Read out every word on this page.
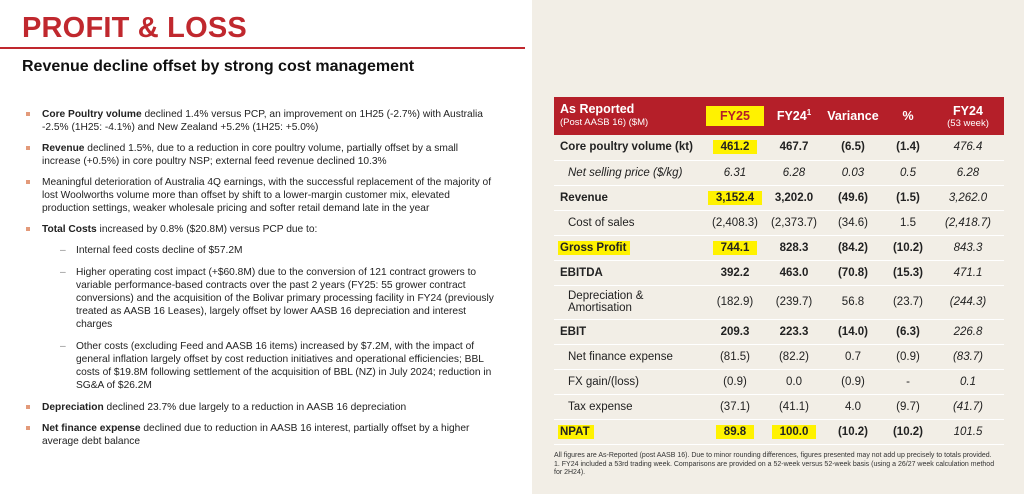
PROFIT & LOSS
Revenue decline offset by strong cost management
Core Poultry volume declined 1.4% versus PCP, an improvement on 1H25 (-2.7%) with Australia -2.5% (1H25: -4.1%) and New Zealand +5.2% (1H25: +5.0%)
Revenue declined 1.5%, due to a reduction in core poultry volume, partially offset by a small increase (+0.5%) in core poultry NSP; external feed revenue declined 10.3%
Meaningful deterioration of Australia 4Q earnings, with the successful replacement of the majority of lost Woolworths volume more than offset by shift to a lower-margin customer mix, elevated production settings, weaker wholesale pricing and softer retail demand late in the year
Total Costs increased by 0.8% ($20.8M) versus PCP due to:
– Internal feed costs decline of $57.2M
– Higher operating cost impact (+$60.8M) due to the conversion of 121 contract growers to variable performance-based contracts over the past 2 years (FY25: 55 grower contract conversions) and the acquisition of the Bolivar primary processing facility in FY24 (previously treated as AASB 16 Leases), largely offset by lower AASB 16 depreciation and interest charges
– Other costs (excluding Feed and AASB 16 items) increased by $7.2M, with the impact of general inflation largely offset by cost reduction initiatives and operational efficiencies; BBL costs of $19.8M following settlement of the acquisition of BBL (NZ) in July 2024; reduction in SG&A of $26.2M
Depreciation declined 23.7% due largely to a reduction in AASB 16 depreciation
Net finance expense declined due to reduction in AASB 16 interest, partially offset by a higher average debt balance
As Reported
(Post AASB 16) ($M)	FY25	$FY24^1$	Variance	%	FY24
(53 week)

Core poultry volume (kt)	461.2	467.7	(6.5)	(1.4)	476.4
Net selling price ($/kg)	6.31	6.28	0.03	0.5	6.28
Revenue	3,152.4	3,202.0	(49.6)	(1.5)	3,262.0
Cost of sales	(2,408.3)	(2,373.7)	(34.6)	1.5	(2,418.7)
Gross Profit	744.1	828.3	(84.2)	(10.2)	843.3
EBITDA	392.2	463.0	(70.8)	(15.3)	471.1
Depreciation & Amortisation	(182.9)	(239.7)	56.8	(23.7)	(244.3)
EBIT	209.3	223.3	(14.0)	(6.3)	226.8
Net finance expense	(81.5)	(82.2)	0.7	(0.9)	(83.7)
FX gain/(loss)	(0.9)	0.0	(0.9)	-	0.1
Tax expense	(37.1)	(41.1)	4.0	(9.7)	(41.7)
NPAT	89.8	100.0	(10.2)	(10.2)	101.5
All figures are As-Reported (post AASB 16). Due to minor rounding differences, figures presented may not add up precisely to totals provided.
1. FY24 included a 53rd trading week. Comparisons are provided on a 52-week versus 52-week basis (using a 26/27 week calculation method for 2H24).
